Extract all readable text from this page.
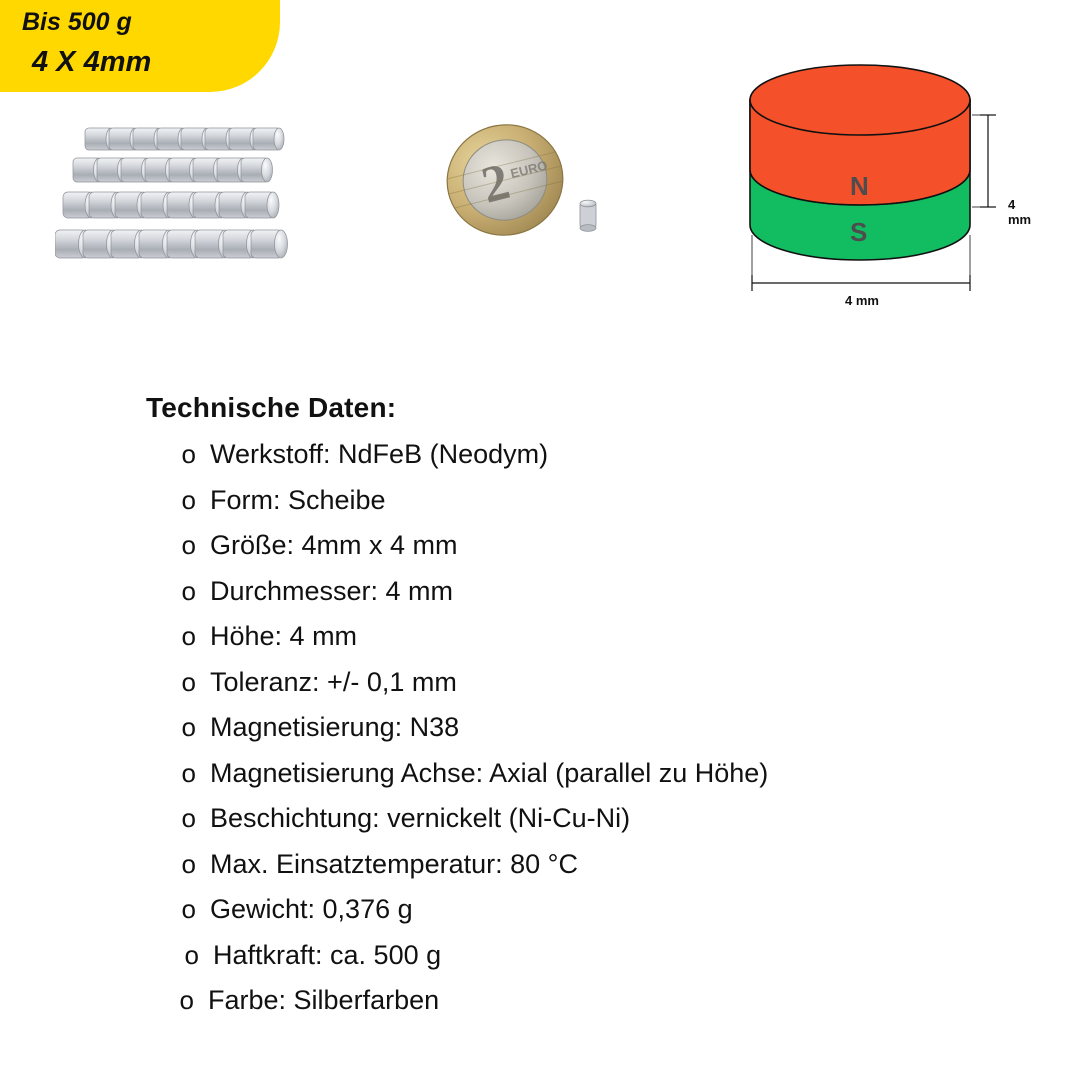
Bis 500 g
4 X 4mm
2
EURO
N
S
4 mm
4 mm
Technische Daten:
o Werkstoff: NdFeB (Neodym)
o Form: Scheibe
o Größe: 4mm x 4 mm
o Durchmesser: 4 mm
o Höhe: 4 mm
o Toleranz: +/- 0,1 mm
o Magnetisierung: N38
o Magnetisierung Achse: Axial (parallel zu Höhe)
o Beschichtung: vernickelt (Ni-Cu-Ni)
o Max. Einsatztemperatur: 80 °C
o Gewicht: 0,376 g
o Haftkraft: ca. 500 g
o Farbe: Silberfarben
